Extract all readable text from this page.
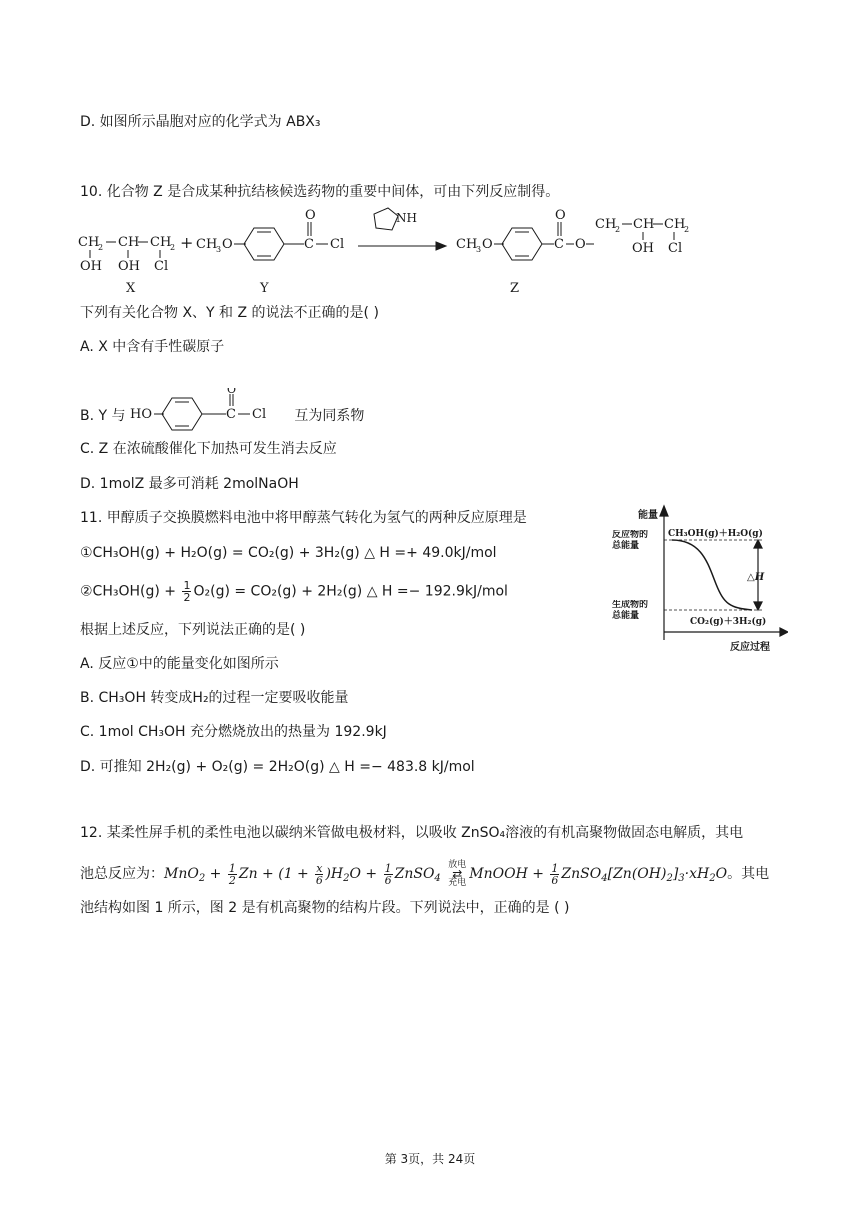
D. 如图所示晶胞对应的化学式为 ABX₃
10. 化合物 Z 是合成某种抗结核候选药物的重要中间体，可由下列反应制得。
CH
2 CH CH
2
OH OH Cl
+ CH
3 O	C
O
Cl
NH
CH
3 O	C
O
O
CH
2 CH CH
2
OH Cl
X	Y	Z
下列有关化合物 X、Y 和 Z 的说法不正确的是( )
A. X 中含有手性碳原子
B. Y 与 HO	C
O
Cl 互为同系物
C. Z 在浓硫酸催化下加热可发生消去反应
D. 1molZ 最多可消耗 2molNaOH
11. 甲醇质子交换膜燃料电池中将甲醇蒸气转化为氢气的两种反应原理是
①CH₃OH(g) + H₂O(g) = CO₂(g) + 3H₂(g) △ H =+ 49.0kJ/mol
②CH₃OH(g) + $\frac{1}{2} O_2(g) = CO_2(g) + 2H_2(g)$ △ H =− 192.9kJ/mol
根据上述反应，下列说法正确的是( )
A. 反应①中的能量变化如图所示
B. CH₃OH 转变成H₂的过程一定要吸收能量
C. 1mol CH₃OH 充分燃烧放出的热量为 192.9kJ
D. 可推知 2H₂(g) + O₂(g) = 2H₂O(g) △ H =− 483.8 kJ/mol
能量
CH₃OH(g)＋H₂O(g)
CO₂(g)＋3H₂(g)
△H
反应过程
反应物的总能量
生成物的总能量
12. 某柔性屏手机的柔性电池以碳纳米管做电极材料，以吸收 ZnSO₄溶液的有机高聚物做固态电解质，其电
池总反应为：$MnO_2 + \frac{1}{2}$ $Zn + (1 + \frac{x}{6} )H_2O + \frac{1}{6}$ ZnSO$_4$
放电
⇄
充电
MnOOH + $\frac{1}{6}$ $ZnSO_4[Zn(OH)_2]_3\cdot xH_2O$。其电
池结构如图 1 所示，图 2 是有机高聚物的结构片段。下列说法中，正确的是 ( )
第 3页，共 24页
